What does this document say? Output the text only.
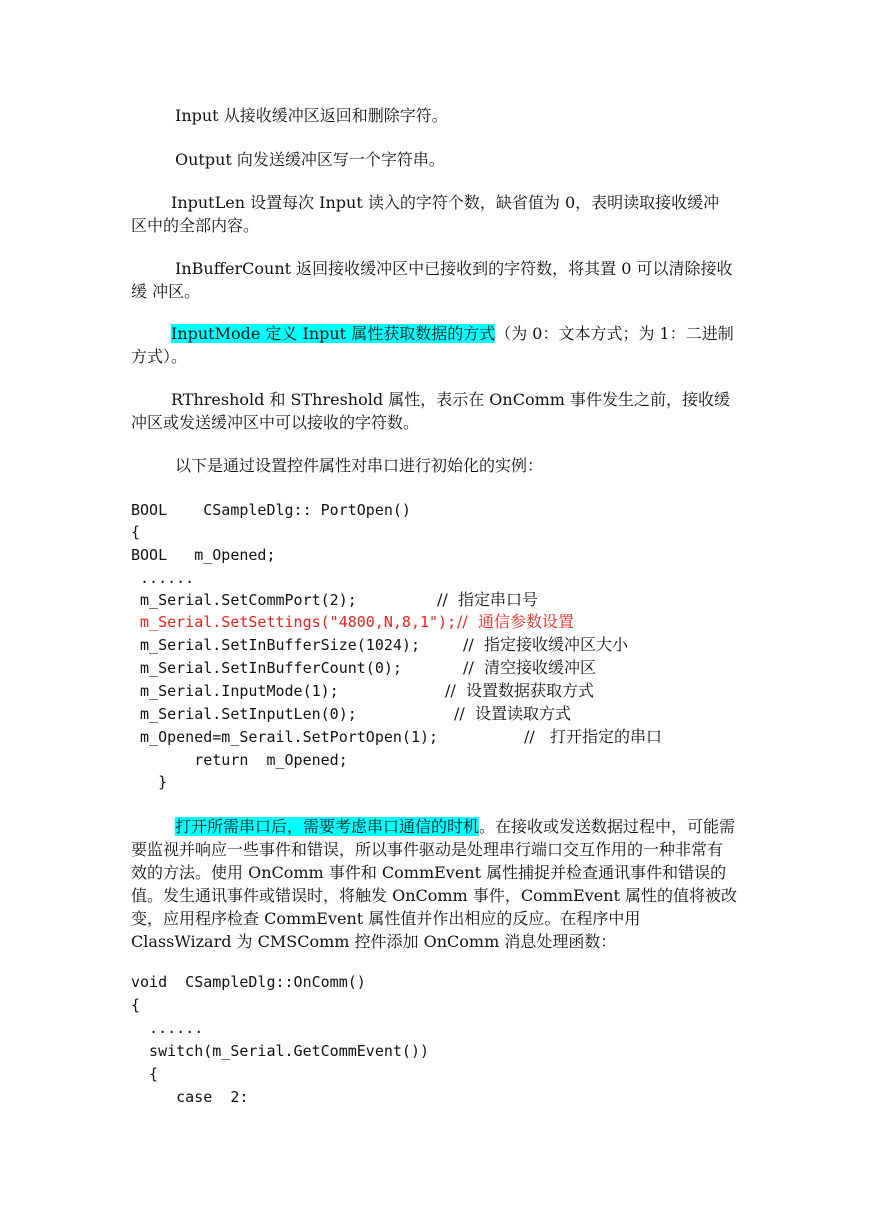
Input 从接收缓冲区返回和删除字符。

Output 向发送缓冲区写一个字符串。

InputLen 设置每次 Input 读入的字符个数，缺省值为 0，表明读取接收缓冲 区中的全部内容。

InBufferCount 返回接收缓冲区中已接收到的字符数，将其置 0 可以清除接收缓 冲区。

InputMode 定义 Input 属性获取数据的方式（为 0：文本方式；为 1：二进制方式）。

RThreshold 和 SThreshold 属性，表示在 OnComm 事件发生之前，接收缓冲区或发送缓冲区中可以接收的字符数。

以下是通过设置控件属性对串口进行初始化的实例：

BOOL    CSampleDlg:: PortOpen()
{
BOOL   m_Opened;
......
m_Serial.SetCommPort(2);	//  指定串口号
m_Serial.SetSettings("4800,N,8,1"); //  通信参数设置
m_Serial.SetInBufferSize(1024);	//  指定接收缓冲区大小
m_Serial.SetInBufferCount(0);	//  清空接收缓冲区
m_Serial.InputMode(1);	//  设置数据获取方式
m_Serial.SetInputLen(0);	//  设置读取方式
m_Opened=m_Serail.SetPortOpen(1);	//   打开指定的串口
return  m_Opened;
}

打开所需串口后，需要考虑串口通信的时机。在接收或发送数据过程中，可能需要监视并响应一些事件和错误，所以事件驱动是处理串行端口交互作用的一种非常有效的方法。使用 OnComm 事件和 CommEvent 属性捕捉并检查通讯事件和错误的值。发生通讯事件或错误时，将触发 OnComm 事件，CommEvent 属性的值将被改变，应用程序检查 CommEvent 属性值并作出相应的反应。在程序中用 ClassWizard 为 CMSComm 控件添加 OnComm 消息处理函数：

void  CSampleDlg::OnComm()
{
......
switch(m_Serial.GetCommEvent())
{
case  2:
